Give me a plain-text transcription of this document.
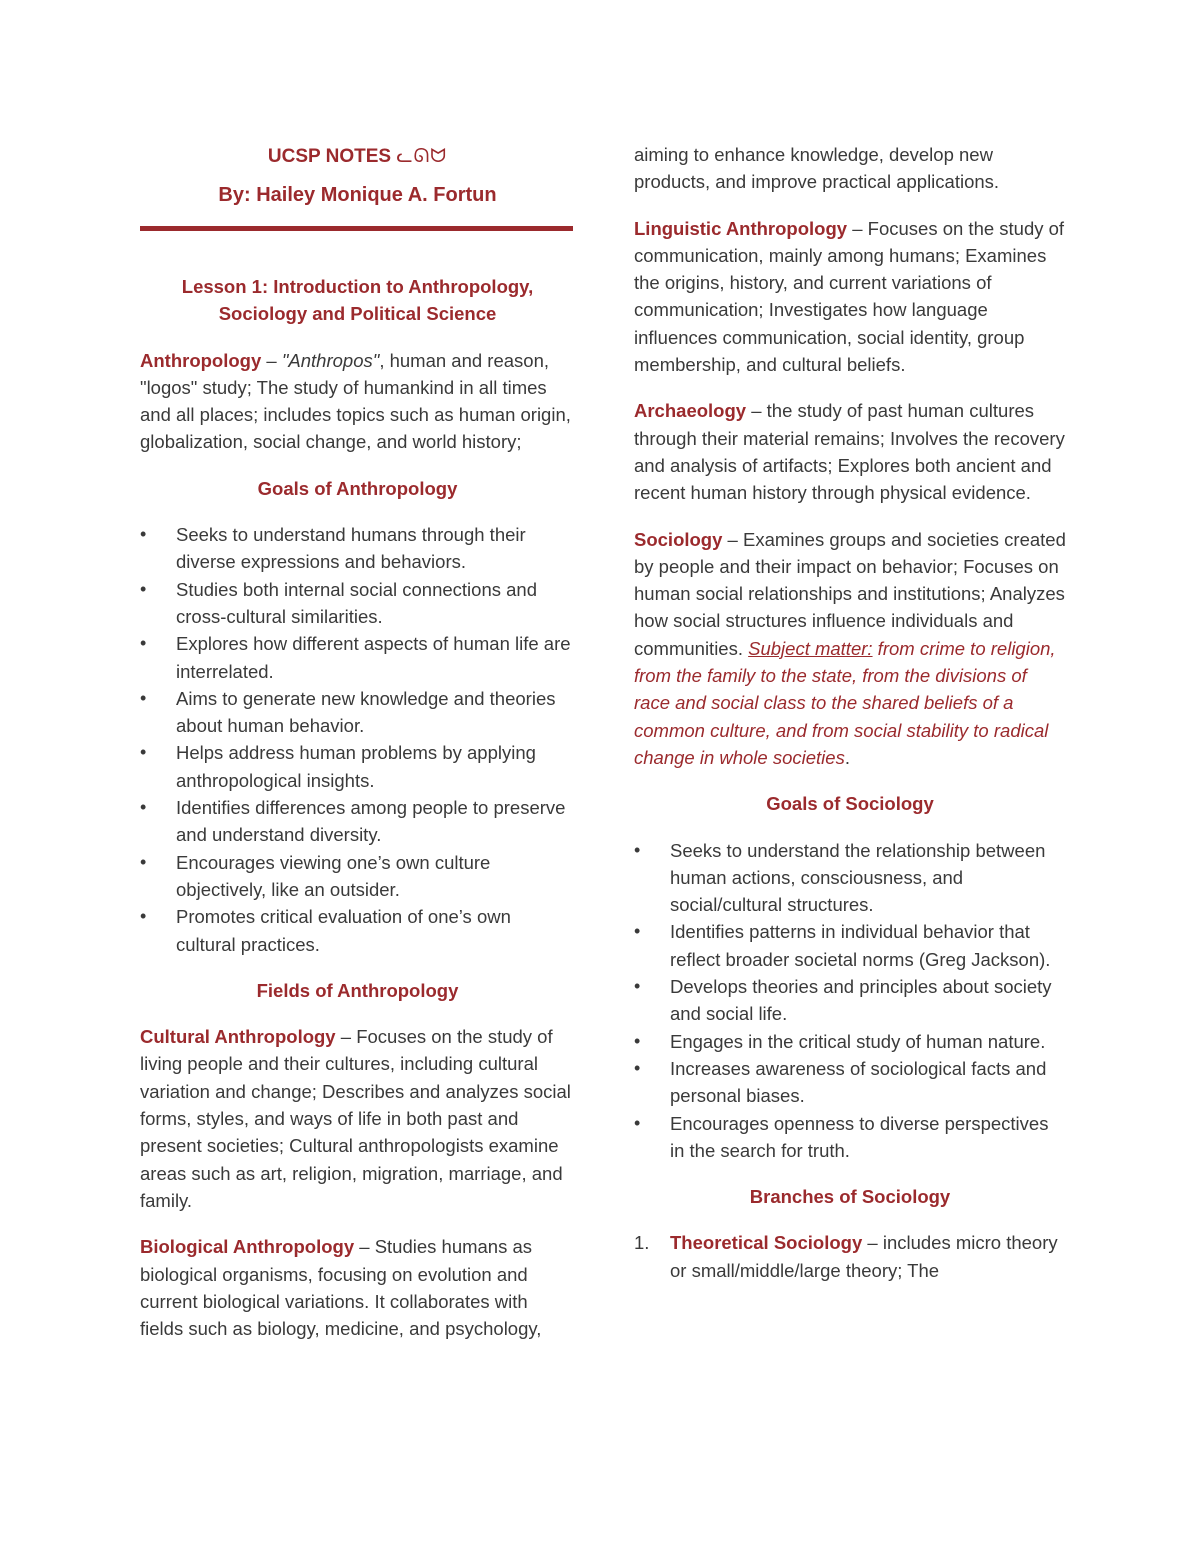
UCSP NOTES ᓚᘏᗢ
By: Hailey Monique A. Fortun
Lesson 1: Introduction to Anthropology, Sociology and Political Science

Anthropology – "Anthropos", human and reason, "logos" study; The study of humankind in all times and all places; includes topics such as human origin, globalization, social change, and world history;

Goals of Anthropology
• Seeks to understand humans through their diverse expressions and behaviors.
• Studies both internal social connections and cross-cultural similarities.
• Explores how different aspects of human life are interrelated.
• Aims to generate new knowledge and theories about human behavior.
• Helps address human problems by applying anthropological insights.
• Identifies differences among people to preserve and understand diversity.
• Encourages viewing one’s own culture objectively, like an outsider.
• Promotes critical evaluation of one’s own cultural practices.
Fields of Anthropology

Cultural Anthropology – Focuses on the study of living people and their cultures, including cultural variation and change; Describes and analyzes social forms, styles, and ways of life in both past and present societies; Cultural anthropologists examine areas such as art, religion, migration, marriage, and family.

Biological Anthropology – Studies humans as biological organisms, focusing on evolution and current biological variations. It collaborates with fields such as biology, medicine, and psychology,

aiming to enhance knowledge, develop new products, and improve practical applications.

Linguistic Anthropology – Focuses on the study of communication, mainly among humans; Examines the origins, history, and current variations of communication; Investigates how language influences communication, social identity, group membership, and cultural beliefs.

Archaeology – the study of past human cultures through their material remains; Involves the recovery and analysis of artifacts; Explores both ancient and recent human history through physical evidence.

Sociology – Examines groups and societies created by people and their impact on behavior; Focuses on human social relationships and institutions; Analyzes how social structures influence individuals and communities. Subject matter: from crime to religion, from the family to the state, from the divisions of race and social class to the shared beliefs of a common culture, and from social stability to radical change in whole societies.

Goals of Sociology
• Seeks to understand the relationship between human actions, consciousness, and social/cultural structures.
• Identifies patterns in individual behavior that reflect broader societal norms (Greg Jackson).
• Develops theories and principles about society and social life.
• Engages in the critical study of human nature.
• Increases awareness of sociological facts and personal biases.
• Encourages openness to diverse perspectives in the search for truth.
Branches of Sociology
1. Theoretical Sociology – includes micro theory or small/middle/large theory; The
